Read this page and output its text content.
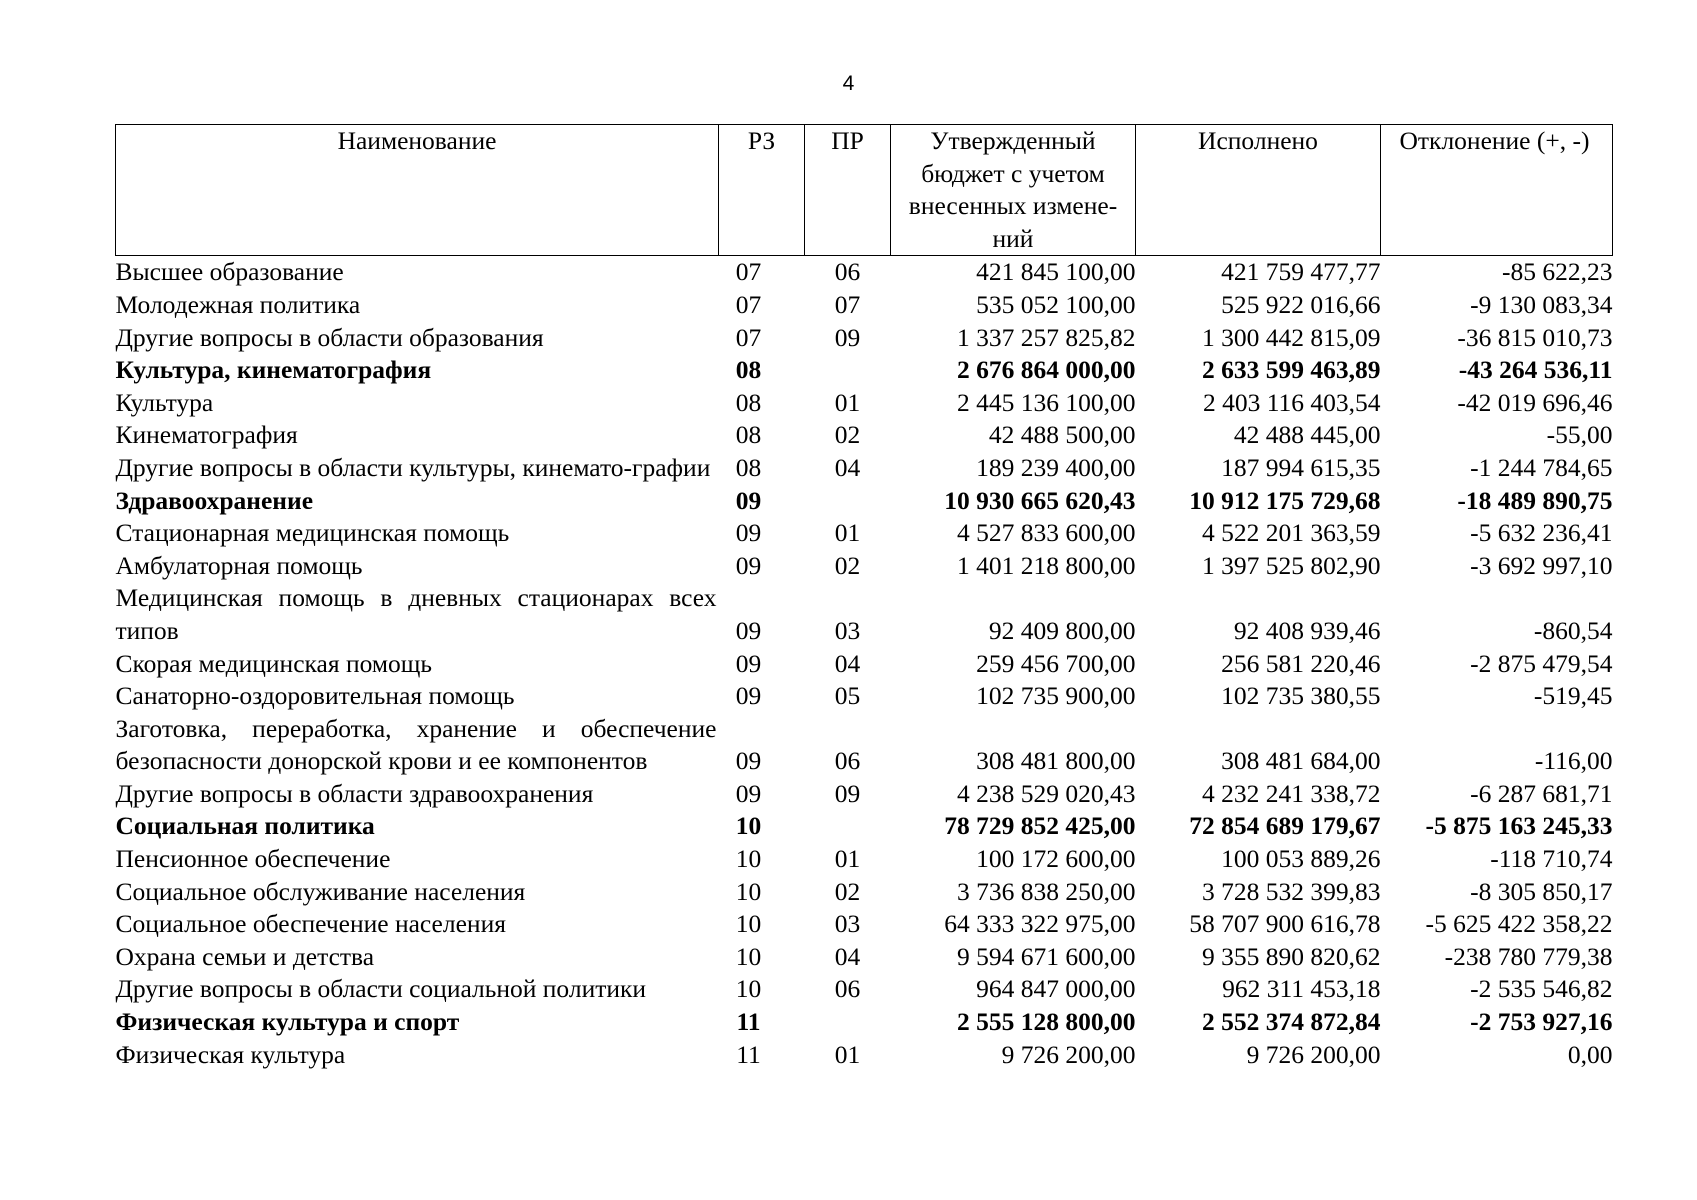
4
Наименование	РЗ	ПР	Утвержденный бюджет с учетом внесенных измене-ний	Исполнено	Отклонение (+, -)
Высшее образование	07	06	421 845 100,00	421 759 477,77	-85 622,23
Молодежная политика	07	07	535 052 100,00	525 922 016,66	-9 130 083,34
Другие вопросы в области образования	07	09	1 337 257 825,82	1 300 442 815,09	-36 815 010,73
Культура, кинематография	08		2 676 864 000,00	2 633 599 463,89	-43 264 536,11
Культура	08	01	2 445 136 100,00	2 403 116 403,54	-42 019 696,46
Кинематография	08	02	42 488 500,00	42 488 445,00	-55,00
Другие вопросы в области культуры, кинемато-графии	08	04	189 239 400,00	187 994 615,35	-1 244 784,65
Здравоохранение	09		10 930 665 620,43	10 912 175 729,68	-18 489 890,75
Стационарная медицинская помощь	09	01	4 527 833 600,00	4 522 201 363,59	-5 632 236,41
Амбулаторная помощь	09	02	1 401 218 800,00	1 397 525 802,90	-3 692 997,10
Медицинская помощь в дневных стационарах всех типов	09	03	92 409 800,00	92 408 939,46	-860,54
Скорая медицинская помощь	09	04	259 456 700,00	256 581 220,46	-2 875 479,54
Санаторно-оздоровительная помощь	09	05	102 735 900,00	102 735 380,55	-519,45
Заготовка, переработка, хранение и обеспечение безопасности донорской крови и ее компонентов	09	06	308 481 800,00	308 481 684,00	-116,00
Другие вопросы в области здравоохранения	09	09	4 238 529 020,43	4 232 241 338,72	-6 287 681,71
Социальная политика	10		78 729 852 425,00	72 854 689 179,67	-5 875 163 245,33
Пенсионное обеспечение	10	01	100 172 600,00	100 053 889,26	-118 710,74
Социальное обслуживание населения	10	02	3 736 838 250,00	3 728 532 399,83	-8 305 850,17
Социальное обеспечение населения	10	03	64 333 322 975,00	58 707 900 616,78	-5 625 422 358,22
Охрана семьи и детства	10	04	9 594 671 600,00	9 355 890 820,62	-238 780 779,38
Другие вопросы в области социальной политики	10	06	964 847 000,00	962 311 453,18	-2 535 546,82
Физическая культура и спорт	11		2 555 128 800,00	2 552 374 872,84	-2 753 927,16
Физическая культура	11	01	9 726 200,00	9 726 200,00	0,00
